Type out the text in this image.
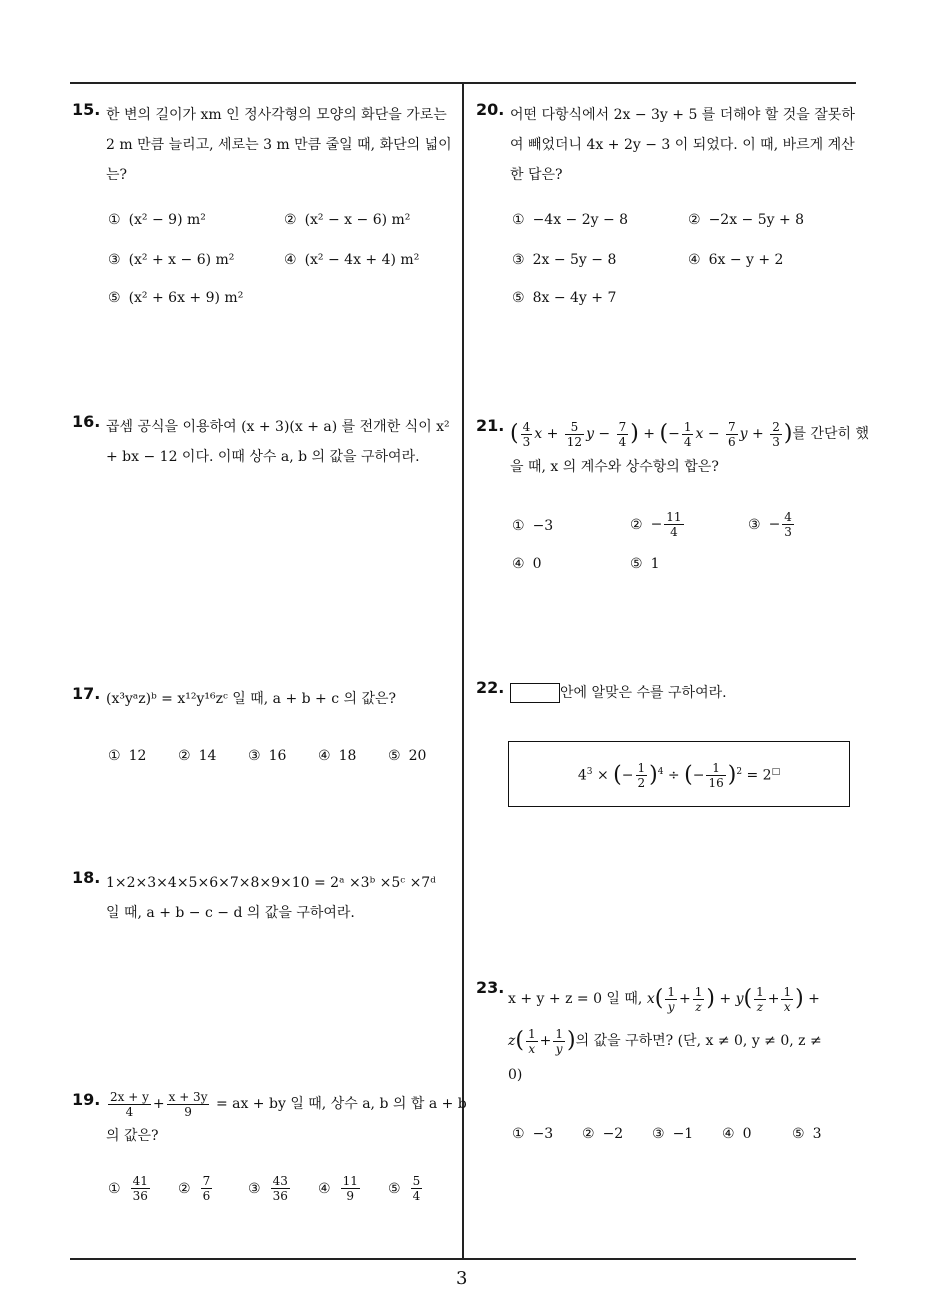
15. 한 변의 길이가 xm 인 정사각형의 모양의 화단을 가로는 2 m 만큼 늘리고, 세로는 3 m 만큼 줄일 때, 화단의 넓이는?
① (x² − 9) m²	② (x² − x − 6) m²
③ (x² + x − 6) m²	④ (x² − 4x + 4) m²
⑤ (x² + 6x + 9) m²
16. 곱셈 공식을 이용하여 (x + 3)(x + a) 를 전개한 식이 x² + bx − 12 이다. 이때 상수 a, b 의 값을 구하여라.
17. (x³yᵃz)ᵇ = x¹²y¹⁶zᶜ 일 때, a + b + c 의 값은?
① 12 ② 14 ③ 16 ④ 18 ⑤ 20
18. 1×2×3×4×5×6×7×8×9×10 = 2ᵃ ×3ᵇ ×5ᶜ ×7ᵈ
일 때, a + b − c − d 의 값을 구하여라.
19. $\frac{2x + y}{4} + \frac{x + 3y}{9}$ = ax + by 일 때, 상수 a, b 의 합 a + b
의 값은?
① $\frac{41}{36}$ ② $\frac{7}{6}$	③ $\frac{43}{36}$ ④ $\frac{11}{9}$ ⑤ $\frac{5}{4}$
20. 어떤 다항식에서 2x − 3y + 5 를 더해야 할 것을 잘못하여 빼었더니 4x + 2y − 3 이 되었다. 이 때, 바르게 계산한 답은?
① −4x − 2y − 8	② −2x − 5y + 8
③ 2x − 5y − 8	④ 6x − y + 2
⑤ 8x − 4y + 7
21. ( $\frac{4}{3}$ $x + \frac{5}{12}$ $y - \frac{7}{4}$ ) + (− $\frac{1}{4}$ $x - \frac{7}{6}$ $y + \frac{2}{3}$ )를 간단히 했
을 때, x 의 계수와 상수항의 합은?
① −3	② − $\frac{11}{4}$	③ − $\frac{4}{3}$
④ 0	⑤ 1
22.	안에 알맞은 수를 구하여라.
$4^3$ × (− $\frac{1}{2} )^4$ ÷ (− $\frac{1}{16} )^2 = 2^□$
23.
x + y + z = 0 일 때, $x( \frac{1}{y} + \frac{1}{z}$ ) + $y( \frac{1}{z} + \frac{1}{x}$ ) +
$z( \frac{1}{x} + \frac{1}{y}$ )의 값을 구하면? (단, x ≠ 0, y ≠ 0, z ≠
0)
① −3 ② −2 ③ −1 ④ 0	⑤ 3
3
